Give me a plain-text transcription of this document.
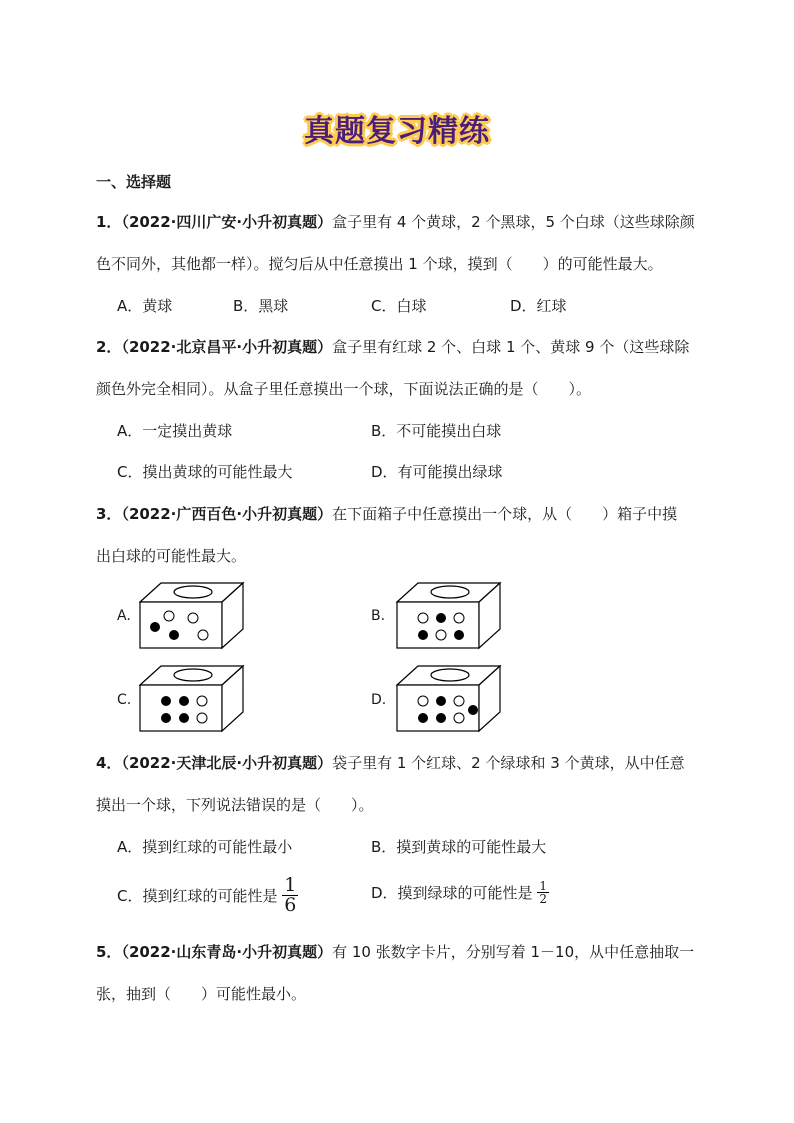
真题复习精练
一、选择题
1．（2022·四川广安·小升初真题）盒子里有 4 个黄球，2 个黑球，5 个白球（这些球除颜
色不同外，其他都一样）。搅匀后从中任意摸出 1 个球，摸到（　　）的可能性最大。
A．黄球	B．黑球	C．白球	D．红球
2．（2022·北京昌平·小升初真题）盒子里有红球 2 个、白球 1 个、黄球 9 个（这些球除
颜色外完全相同）。从盒子里任意摸出一个球，下面说法正确的是（　　）。
A．一定摸出黄球	B．不可能摸出白球
C．摸出黄球的可能性最大	D．有可能摸出绿球
3．（2022·广西百色·小升初真题）在下面箱子中任意摸出一个球，从（　　）箱子中摸
出白球的可能性最大。
A.	B.
C.	D.
4．（2022·天津北辰·小升初真题）袋子里有 1 个红球、2 个绿球和 3 个黄球，从中任意
摸出一个球，下列说法错误的是（　　）。
A．摸到红球的可能性最小	B．摸到黄球的可能性最大
C．摸到红球的可能性是 $\frac{1}{6}$	D．摸到绿球的可能性是 $\frac{1}{2}$
5．（2022·山东青岛·小升初真题）有 10 张数字卡片，分别写着 1－10，从中任意抽取一
张，抽到（　　）可能性最小。
